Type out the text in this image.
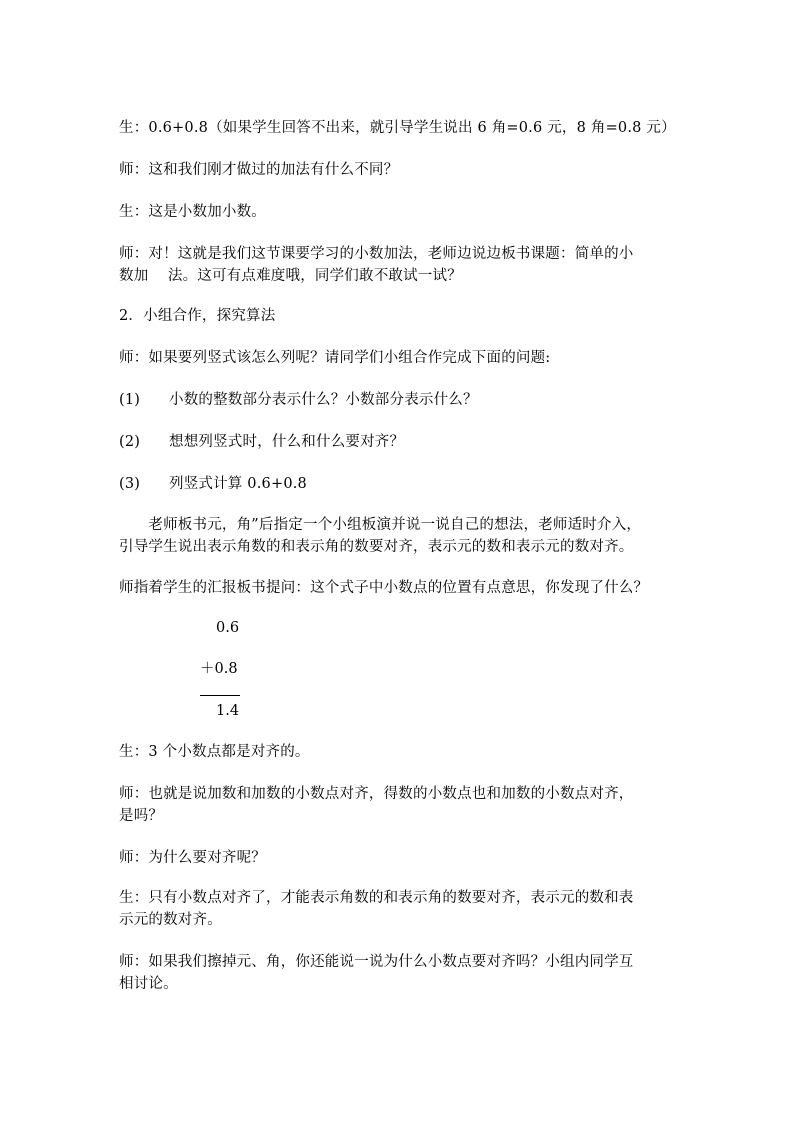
生：0.6+0.8（如果学生回答不出来，就引导学生说出 6 角=0.6 元，8 角=0.8 元）
师：这和我们刚才做过的加法有什么不同？
生：这是小数加小数。
师：对！这就是我们这节课要学习的小数加法，老师边说边板书课题：简单的小
数加　 法。这可有点难度哦，同学们敢不敢试一试？
2．小组合作，探究算法
师：如果要列竖式该怎么列呢？请同学们小组合作完成下面的问题:
(1) 小数的整数部分表示什么？小数部分表示什么？
(2) 想想列竖式时，什么和什么要对齐？
(3) 列竖式计算 0.6+0.8
　　老师板书元，角”后指定一个小组板演并说一说自己的想法，老师适时介入，
引导学生说出表示角数的和表示角的数要对齐，表示元的数和表示元的数对齐。
师指着学生的汇报板书提问：这个式子中小数点的位置有点意思，你发现了什么？
0.6
＋0.8
1.4
生：3 个小数点都是对齐的。
师：也就是说加数和加数的小数点对齐，得数的小数点也和加数的小数点对齐，
是吗？
师：为什么要对齐呢？
生：只有小数点对齐了，才能表示角数的和表示角的数要对齐，表示元的数和表
示元的数对齐。
师：如果我们擦掉元、角，你还能说一说为什么小数点要对齐吗？小组内同学互
相讨论。
